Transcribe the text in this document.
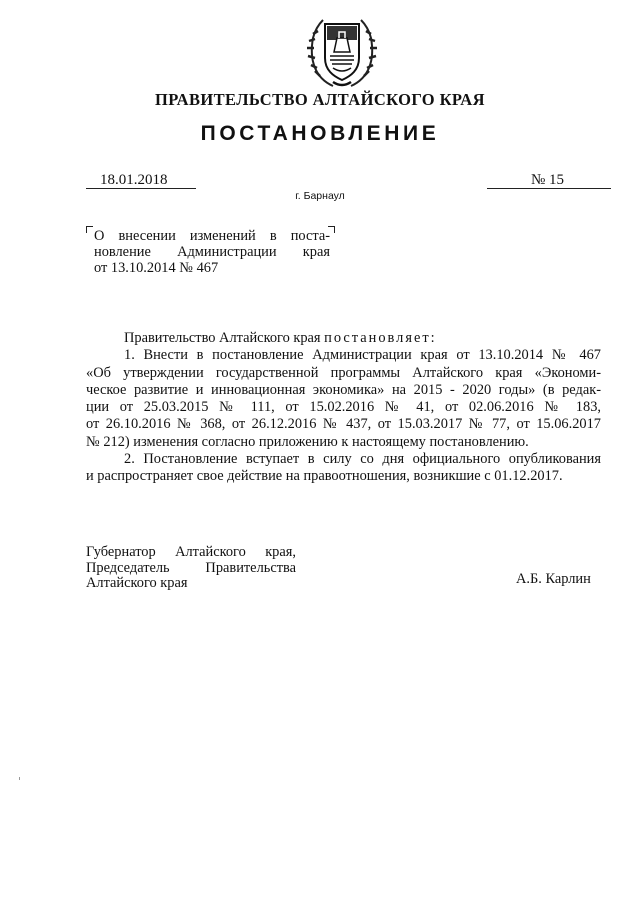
ПРАВИТЕЛЬСТВО АЛТАЙСКОГО КРАЯ
ПОСТАНОВЛЕНИЕ
18.01.2018	№ 15
г. Барнаул
О внесении изменений в поста-
новление Администрации края
от 13.10.2014 № 467
Правительство Алтайского края постановляет:
1. Внести в постановление Администрации края от 13.10.2014 № 467
«Об утверждении государственной программы Алтайского края «Экономи-
ческое развитие и инновационная экономика» на 2015 - 2020 годы» (в редак-
ции от 25.03.2015 № 111, от 15.02.2016 № 41, от 02.06.2016 № 183,
от 26.10.2016 № 368, от 26.12.2016 № 437, от 15.03.2017 № 77, от 15.06.2017
№ 212) изменения согласно приложению к настоящему постановлению.
2. Постановление вступает в силу со дня официального опубликования
и распространяет свое действие на правоотношения, возникшие с 01.12.2017.
Губернатор Алтайского края,
Председатель Правительства
Алтайского края	А.Б. Карлин
